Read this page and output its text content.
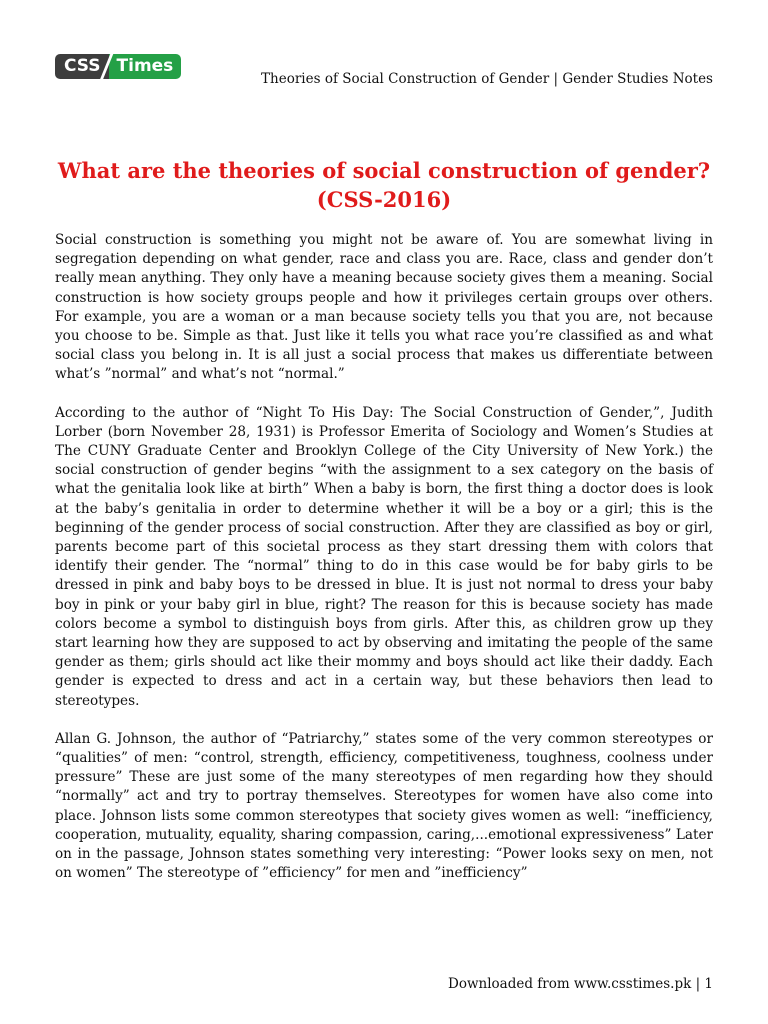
CSS Times
Theories of Social Construction of Gender | Gender Studies Notes
What are the theories of social construction of gender? (CSS-2016)

Social construction is something you might not be aware of. You are somewhat living in segregation depending on what gender, race and class you are. Race, class and gender don’t really mean anything. They only have a meaning because society gives them a meaning. Social construction is how society groups people and how it privileges certain groups over others. For example, you are a woman or a man because society tells you that you are, not because you choose to be. Simple as that. Just like it tells you what race you’re classified as and what social class you belong in. It is all just a social process that makes us differentiate between what’s ”normal” and what’s not “normal.”

According to the author of “Night To His Day: The Social Construction of Gender,”, Judith Lorber (born November 28, 1931) is Professor Emerita of Sociology and Women’s Studies at The CUNY Graduate Center and Brooklyn College of the City University of New York.) the social construction of gender begins “with the assignment to a sex category on the basis of what the genitalia look like at birth” When a baby is born, the first thing a doctor does is look at the baby’s genitalia in order to determine whether it will be a boy or a girl; this is the beginning of the gender process of social construction. After they are classified as boy or girl, parents become part of this societal process as they start dressing them with colors that identify their gender. The “normal” thing to do in this case would be for baby girls to be dressed in pink and baby boys to be dressed in blue. It is just not normal to dress your baby boy in pink or your baby girl in blue, right? The reason for this is because society has made colors become a symbol to distinguish boys from girls. After this, as children grow up they start learning how they are supposed to act by observing and imitating the people of the same gender as them; girls should act like their mommy and boys should act like their daddy. Each gender is expected to dress and act in a certain way, but these behaviors then lead to stereotypes.

Allan G. Johnson, the author of “Patriarchy,” states some of the very common stereotypes or “qualities” of men: “control, strength, efficiency, competitiveness, toughness, coolness under pressure” These are just some of the many stereotypes of men regarding how they should “normally” act and try to portray themselves. Stereotypes for women have also come into place. Johnson lists some common stereotypes that society gives women as well: “inefficiency, cooperation, mutuality, equality, sharing compassion, caring,...emotional expressiveness” Later on in the passage, Johnson states something very interesting: “Power looks sexy on men, not on women” The stereotype of ”efficiency” for men and ”inefficiency”

Downloaded from www.csstimes.pk | 1
